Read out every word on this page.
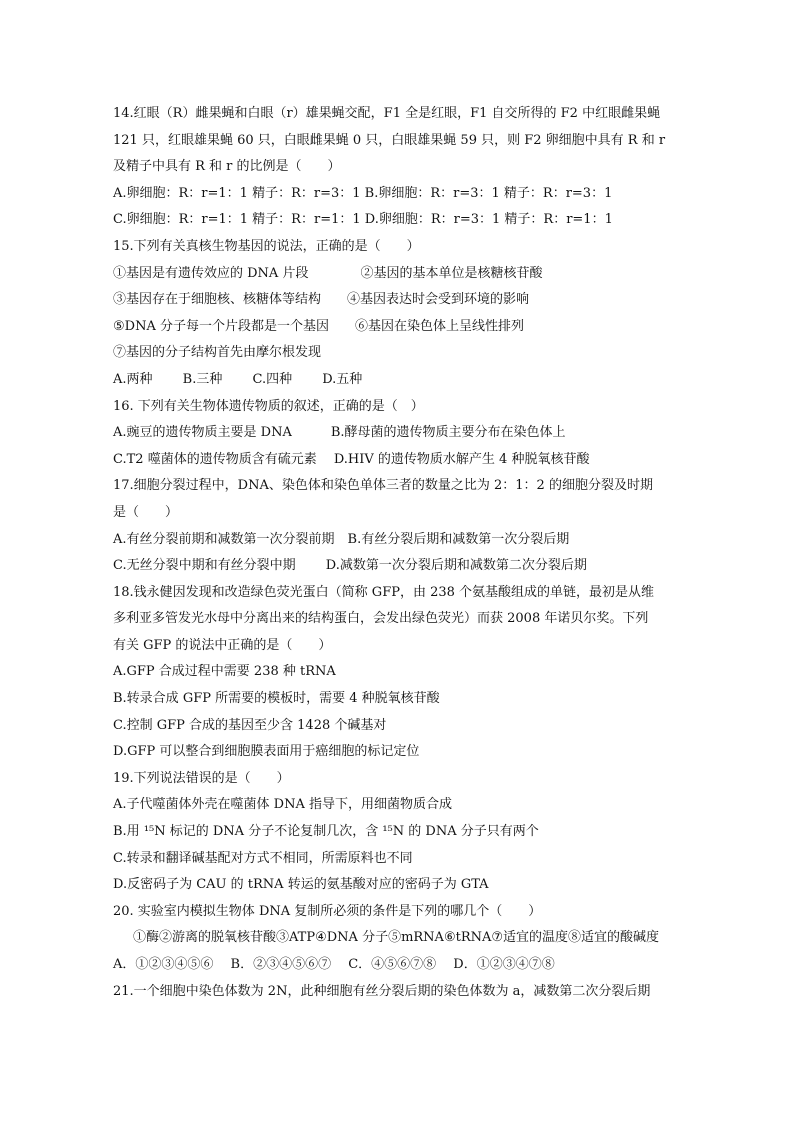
14.红眼（R）雌果蝇和白眼（r）雄果蝇交配，F1 全是红眼，F1 自交所得的 F2 中红眼雌果蝇
121 只，红眼雄果蝇 60 只，白眼雌果蝇 0 只，白眼雄果蝇 59 只，则 F2 卵细胞中具有 R 和 r
及精子中具有 R 和 r 的比例是（　　）
A.卵细胞：R：r=1：1 精子：R：r=3：1 B.卵细胞：R：r=3：1 精子：R：r=3：1
C.卵细胞：R：r=1：1 精子：R：r=1：1 D.卵细胞：R：r=3：1 精子：R：r=1：1
15.下列有关真核生物基因的说法，正确的是（　　）
①基因是有遗传效应的 DNA 片段　　　　②基因的基本单位是核糖核苷酸
③基因存在于细胞核、核糖体等结构　　④基因表达时会受到环境的影响
⑤DNA 分子每一个片段都是一个基因　　⑥基因在染色体上呈线性排列
⑦基因的分子结构首先由摩尔根发现
A.两种　　 B.三种　　 C.四种　　 D.五种
16. 下列有关生物体遗传物质的叙述，正确的是（　）
A.豌豆的遗传物质主要是 DNA　　　B.酵母菌的遗传物质主要分布在染色体上
C.T2 噬菌体的遗传物质含有硫元素　 D.HIV 的遗传物质水解产生 4 种脱氧核苷酸
17.细胞分裂过程中，DNA、染色体和染色单体三者的数量之比为 2：1：2 的细胞分裂及时期
是（　　）
A.有丝分裂前期和减数第一次分裂前期　B.有丝分裂后期和减数第一次分裂后期
C.无丝分裂中期和有丝分裂中期　　 D.减数第一次分裂后期和减数第二次分裂后期
18.钱永健因发现和改造绿色荧光蛋白（简称 GFP，由 238 个氨基酸组成的单链，最初是从维
多利亚多管发光水母中分离出来的结构蛋白，会发出绿色荧光）而获 2008 年诺贝尔奖。下列
有关 GFP 的说法中正确的是（　　）
A.GFP 合成过程中需要 238 种 tRNA
B.转录合成 GFP 所需要的模板时，需要 4 种脱氧核苷酸
C.控制 GFP 合成的基因至少含 1428 个碱基对
D.GFP 可以整合到细胞膜表面用于癌细胞的标记定位
19.下列说法错误的是（　　）
A.子代噬菌体外壳在噬菌体 DNA 指导下，用细菌物质合成
B.用 ¹⁵N 标记的 DNA 分子不论复制几次，含 ¹⁵N 的 DNA 分子只有两个
C.转录和翻译碱基配对方式不相同，所需原料也不同
D.反密码子为 CAU 的 tRNA 转运的氨基酸对应的密码子为 GTA
20. 实验室内模拟生物体 DNA 复制所必须的条件是下列的哪几个（　　）
①酶②游离的脱氧核苷酸③ATP④DNA 分子⑤mRNA⑥tRNA⑦适宜的温度⑧适宜的酸碱度
A．①②③④⑤⑥　 B．②③④⑤⑥⑦　 C．④⑤⑥⑦⑧　 D．①②③④⑦⑧
21.一个细胞中染色体数为 2N，此种细胞有丝分裂后期的染色体数为 a，减数第二次分裂后期
